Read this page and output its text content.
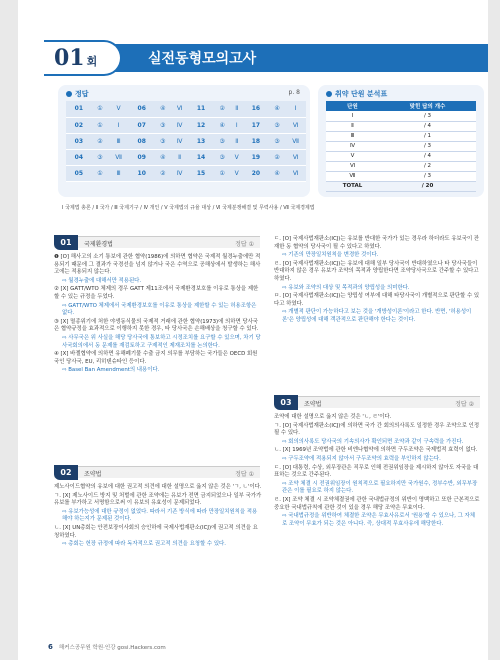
01 회	실전동형모의고사
정답	p. 8
01	①	Ⅴ	06	④	Ⅵ	11	②	Ⅱ	16	④	Ⅰ
02	①	Ⅰ	07	③	Ⅳ	12	④	Ⅰ	17	③	Ⅵ
03	②	Ⅲ	08	③	Ⅳ	13	③	Ⅱ	18	③	Ⅶ
04	③	Ⅶ	09	④	Ⅱ	14	③	Ⅴ	19	②	Ⅵ
05	①	Ⅲ	10	②	Ⅳ	15	①	Ⅴ	20	④	Ⅵ
취약 단원 분석표
단원	맞힌 답의 개수
Ⅰ	/ 3
Ⅱ	/ 4
Ⅲ	/ 1
Ⅳ	/ 3
Ⅴ	/ 4
Ⅵ	/ 2
Ⅶ	/ 3
TOTAL	/ 20
Ⅰ 국제법 총론 / Ⅱ 국가 / Ⅲ 국제기구 / Ⅳ 개인 / Ⅴ 국제법의 규율 대상 / Ⅵ 국제분쟁해결 및 무력사용 / Ⅶ 국제경제법
01	국제환경법	정답 ①

❶ [O] 해사고의 소기 통보에 관한 협약(1986)에 의하면 협약은 국제적 월경누출에만 적용되기 때문에 그 결과가 국경선을 넘지 않거나 국은 수역으로 공해상에서 발생하는 해사고에는 적용되지 않는다.

⇨ 월경누출에 대해서만 적용된다.

② [X] GATT/WTO 체제의 경우 GATT 제11조에서 국제환경보호를 이유로 통상을 제한할 수 있는 규정을 두었다.

⇨ GATT/WTO 체제에서 국제환경보호를 이유로 통상을 제한할 수 있는 허용조항은 없다.

③ [X] 멸종위기에 처한 야생동식물의 국제적 거래에 관한 협약(1973)에 의하면 당사국은 협약규정을 효과적으로 이행하지 못한 경우, 타 당사국은 손해배상을 청구할 수 있다.

⇨ 사무국은 위 사실을 해당 당사국에 통보하고 시정조치를 요구할 수 있으며, 차기 당사국회의에서 동 문제를 재검토하고 구제적인 제재조치를 논의한다.

④ [X] 바젤협약에 의하면 유해폐기물 수출 금지 의무를 부담하는 국가들은 OECD 회원국인 당사국, EU, 리히텐슈타인 등이다.

⇨ Basel Ban Amendment의 내용이다.

02	조약법	정답 ①

제노사이드협약의 유보에 대한 권고적 의견에 대한 설명으로 옳지 않은 것은 'ㄱ, ㄴ'이다.

ㄱ. [X] 제노사이드 방지 및 처벌에 관한 조약에는 유보가 전면 금지되었으나 일부 국가가 유보를 부가하고 서명함으로써 이 유보의 유효성이 문제되었다.

⇨ 유보가능성에 대한 규정이 없었다. 따라서 기존 방식에 따라 만장일치원칙을 적용해야 하는지가 문제된 것이다.

ㄴ. [X] UN총회는 안전보장이사회의 승인하에 국제사법재판소(ICJ)에 권고적 의견을 요청하였다.

⇨ 총회는 헌장 규정에 따라 독자적으로 권고적 의견을 요청할 수 있다.

ㄷ. [O] 국제사법재판소(ICJ)는 유보를 반대한 국가가 있는 경우라 하더라도 유보국이 잔재한 동 협약의 당사국이 될 수 있다고 하였다.

⇨ 기존의 만장일치원칙을 변경한 것이다.

ㄹ. [O] 국제사법재판소(ICJ)는 유보에 대해 일부 당사국이 반대하였으나 타 당사국들이 반대하지 않은 경우 유보가 조약의 목적과 양립한다면 조약당사국으로 간주할 수 있다고 하였다.

⇨ 유보와 조약의 대상 및 목적과의 양립성을 의미한다.

ㅁ. [O] 국제사법재판소(ICJ)는 양립성 여부에 대해 타당사국이 개별적으로 판단할 수 있다고 하였다.

⇨ 개별적 판단이 가능하다고 보는 것을 '개방성이론'이라고 한다. 반면, '허용성이론'은 양립성에 대해 객관적으로 판단해야 한다는 것이다.

03	조약법	정답 ②

조약에 대한 설명으로 옳지 않은 것은 'ㄴ, ㄹ'이다.

ㄱ. [O] 국제사법재판소(ICJ)에 의하면 국가 간 회의의사록도 일정한 경우 조약으로 인정될 수 있다.

⇨ 회의의사록도 당사국의 기속의사가 확인되면 조약과 같이 구속력을 가진다.

ㄴ. [X] 1969년 조약법에 관한 비엔나협약에 의하면 구두조약은 국제법적 효력이 없다.

⇨ 구두조약에 적용되지 않아서 구두조약의 효력을 부인하지 않는다.

ㄷ. [O] 대통령, 수상, 외무장관은 직무로 인해 전권위임장을 제시하지 않아도 자국을 대표하는 것으로 간주된다.

⇨ 조약 체결 시 전권위임장이 원칙적으로 필요하지만 국가원수, 정부수반, 외무부장관은 이를 필요로 하지 않는다.

ㄹ. [X] 조약 체결 시 조약체결권에 관한 국내법규정의 위반이 명백하고 또한 근본적으로 중요한 국내법규칙에 관한 것이 있을 경우 해당 조약은 무효이다.

⇨ 국내법규정을 위반하여 체결한 조약은 무효사유로서 '원용'할 수 있으나, 그 자체로 조약이 무효가 되는 것은 아니다. 즉, 상대적 무효사유에 해당한다.

6 해커스공무원 학원·인강 gosi.Hackers.com
